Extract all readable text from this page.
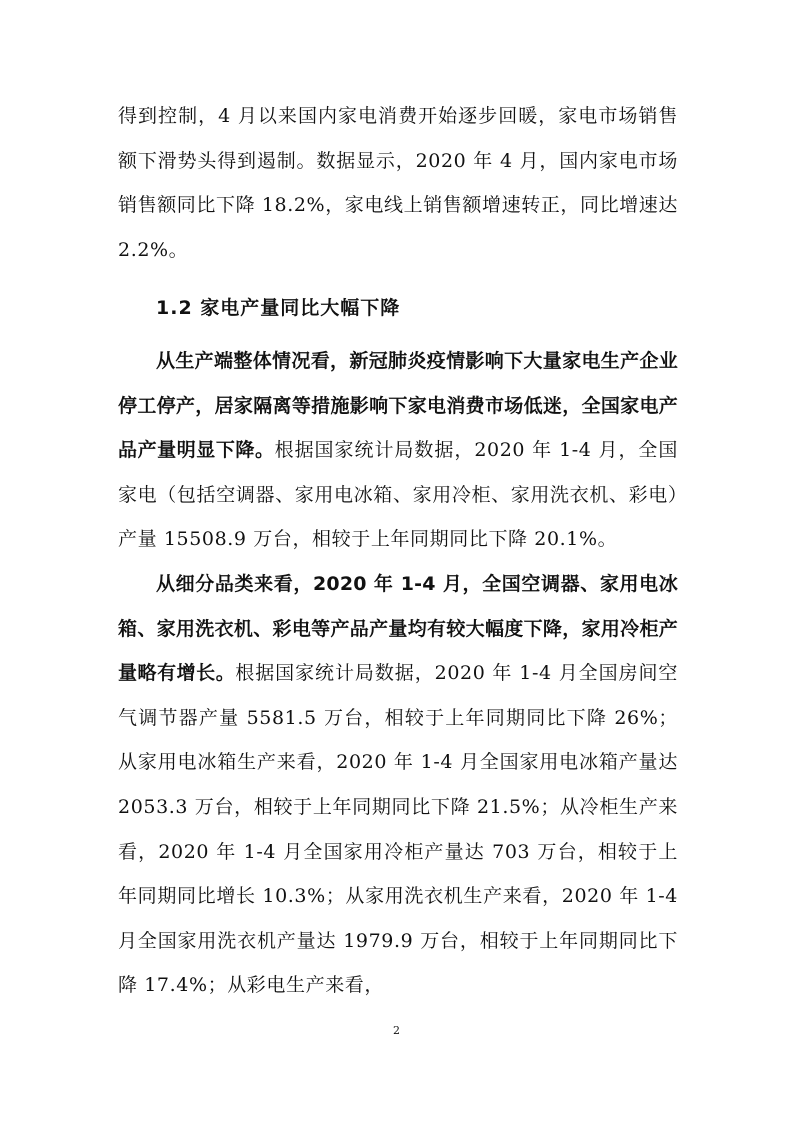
得到控制，4 月以来国内家电消费开始逐步回暖，家电市场销售额下滑势头得到遏制。数据显示，2020 年 4 月，国内家电市场销售额同比下降 18.2%，家电线上销售额增速转正，同比增速达 2.2%。

1.2 家电产量同比大幅下降

从生产端整体情况看，新冠肺炎疫情影响下大量家电生产企业停工停产，居家隔离等措施影响下家电消费市场低迷，全国家电产品产量明显下降。根据国家统计局数据，2020 年 1-4 月，全国家电（包括空调器、家用电冰箱、家用冷柜、家用洗衣机、彩电）产量 15508.9 万台，相较于上年同期同比下降 20.1%。

从细分品类来看，2020 年 1-4 月，全国空调器、家用电冰箱、家用洗衣机、彩电等产品产量均有较大幅度下降，家用冷柜产量略有增长。根据国家统计局数据，2020 年 1-4 月全国房间空气调节器产量 5581.5 万台，相较于上年同期同比下降 26%；从家用电冰箱生产来看，2020 年 1-4 月全国家用电冰箱产量达 2053.3 万台，相较于上年同期同比下降 21.5%；从冷柜生产来看，2020 年 1-4 月全国家用冷柜产量达 703 万台，相较于上年同期同比增长 10.3%；从家用洗衣机生产来看，2020 年 1-4 月全国家用洗衣机产量达 1979.9 万台，相较于上年同期同比下降 17.4%；从彩电生产来看，

2
